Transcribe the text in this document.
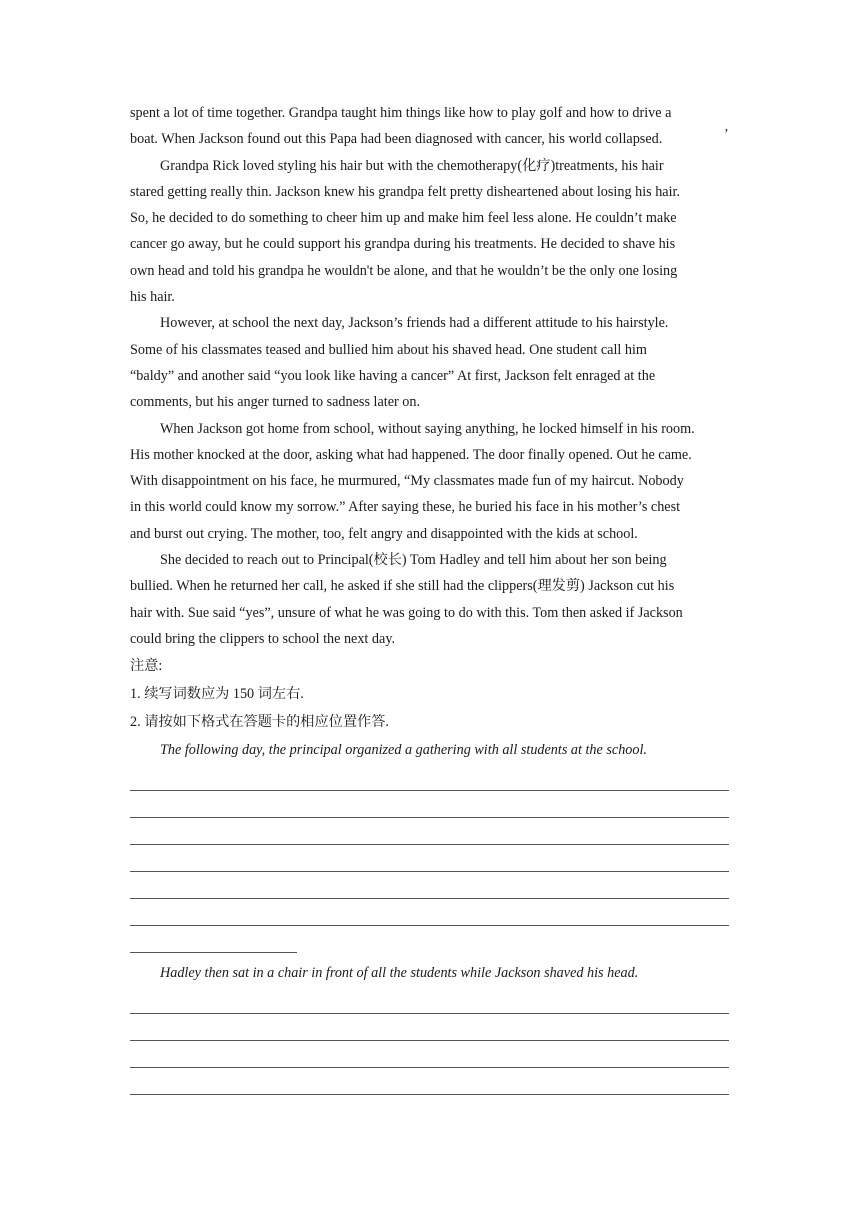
’

spent a lot of time together. Grandpa taught him things like how to play golf and how to drive a
boat. When Jackson found out this Papa had been diagnosed with cancer, his world collapsed.

Grandpa Rick loved styling his hair but with the chemotherapy(化疗)treatments, his hair
stared getting really thin. Jackson knew his grandpa felt pretty disheartened about losing his hair.
So, he decided to do something to cheer him up and make him feel less alone. He couldn’t make
cancer go away, but he could support his grandpa during his treatments. He decided to shave his
own head and told his grandpa he wouldn't be alone, and that he wouldn’t be the only one losing
his hair.

However, at school the next day, Jackson’s friends had a different attitude to his hairstyle.
Some of his classmates teased and bullied him about his shaved head. One student call him
“baldy” and another said “you look like having a cancer” At first, Jackson felt enraged at the
comments, but his anger turned to sadness later on.

When Jackson got home from school, without saying anything, he locked himself in his room.
His mother knocked at the door, asking what had happened. The door finally opened. Out he came.
With disappointment on his face, he murmured, “My classmates made fun of my haircut. Nobody
in this world could know my sorrow.” After saying these, he buried his face in his mother’s chest
and burst out crying. The mother, too, felt angry and disappointed with the kids at school.

She decided to reach out to Principal(校长) Tom Hadley and tell him about her son being
bullied. When he returned her call, he asked if she still had the clippers(理发剪) Jackson cut his
hair with. Sue said “yes”, unsure of what he was going to do with this. Tom then asked if Jackson
could bring the clippers to school the next day.

注意:

1. 续写词数应为 150 词左右.

2. 请按如下格式在答题卡的相应位置作答.

The following day, the principal organized a gathering with all students at the school.

Hadley then sat in a chair in front of all the students while Jackson shaved his head.
